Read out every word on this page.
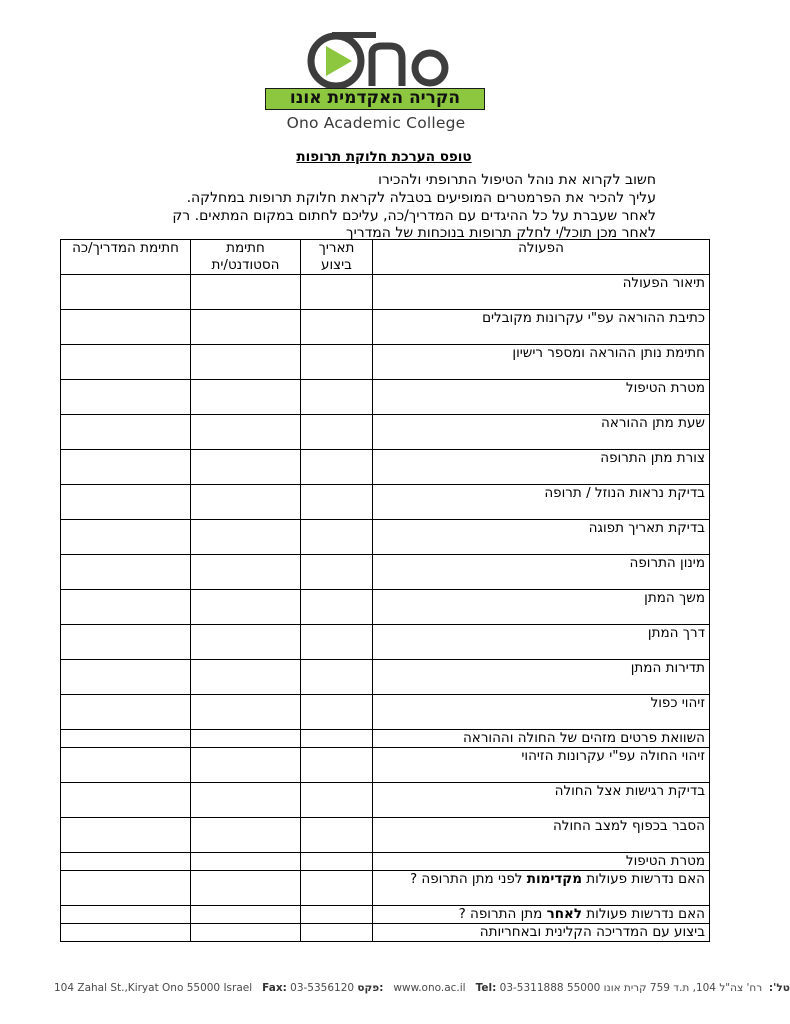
הקריה האקדמית אונו
Ono Academic College
טופס הערכת חלוקת תרופות
חשוב לקרוא את נוהל הטיפול התרופתי ולהכירו
עליך להכיר את הפרמטרים המופיעים בטבלה לקראת חלוקת תרופות במחלקה.
לאחר שעברת על כל ההיגדים עם המדריך/כה, עליכם לחתום במקום המתאים. רק
לאחר מכן תוכל/י לחלק תרופות בנוכחות של המדריך
הפעולה	תאריך ביצוע	חתימת הסטודנט/ית	חתימת המדריך/כה
תיאור הפעולה			
כתיבת ההוראה עפ"י עקרונות מקובלים			
חתימת נותן ההוראה ומספר רישיון			
מטרת הטיפול			
שעת מתן ההוראה			
צורת מתן התרופה			
בדיקת נראות הנוזל / תרופה			
בדיקת תאריך תפוגה			
מינון התרופה			
משך המתן			
דרך המתן			
תדירות המתן			
זיהוי כפול			
השוואת פרטים מזהים של החולה וההוראה			
זיהוי החולה עפ"י עקרונות הזיהוי			
בדיקת רגישות אצל החולה			
הסבר בכפוף למצב החולה			
מטרת הטיפול			
האם נדרשות פעולות מקדימות לפני מתן התרופה ?			
האם נדרשות פעולות לאחר מתן התרופה ?			
ביצוע עם המדריכה הקלינית ובאחריותה			
104 Zahal St.,Kiryat Ono 55000 Israel Fax: 03-5356120 פקס: www.ono.ac.il Tel: 03-5311888	טל':  רח' צה"ל 104, ת.ד 759 קרית אונו 55000
